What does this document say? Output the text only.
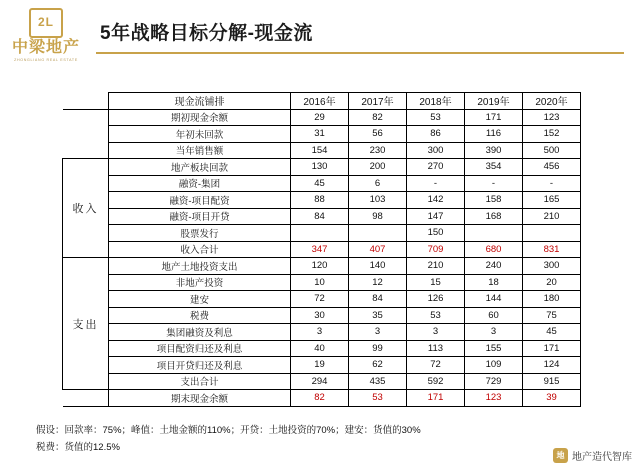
2L
中梁地产
ZHONGLIANG REAL ESTATE
5年战略目标分解-现金流
	现金流铺排	2016年	2017年	2018年	2019年	2020年
	期初现金余额	29	82	53	171	123
	年初未回款	31	56	86	116	152
	当年销售额	154	230	300	390	500
收入	地产板块回款	130	200	270	354	456
	融资-集团	45	6	-	-	-
	融资-项目配资	88	103	142	158	165
	融资-项目开贷	84	98	147	168	210
	股票发行			150		
	收入合计	347	407	709	680	831
支出	地产土地投资支出	120	140	210	240	300
	非地产投资	10	12	15	18	20
	建安	72	84	126	144	180
	税费	30	35	53	60	75
	集团融资及利息	3	3	3	3	45
	项目配资归还及利息	40	99	113	155	171
	项目开贷归还及利息	19	62	72	109	124
	支出合计	294	435	592	729	915
	期末现金余额	82	53	171	123	39
假设：回款率：75%；峰值：土地金额的110%；开贷：土地投资的70%；建安：货值的30%
税费：货值的12.5%
地 地产造代智库
